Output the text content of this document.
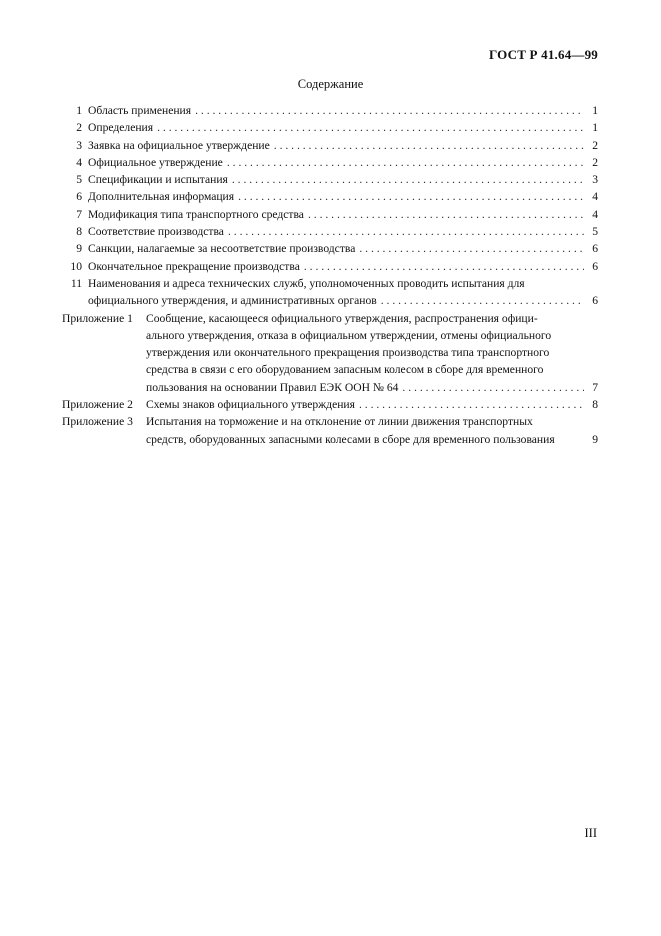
ГОСТ Р 41.64—99
Содержание
1 Область применения . . .	1
2 Определения . . .	1
3 Заявка на официальное утверждение . . .	2
4 Официальное утверждение . . .	2
5 Спецификации и испытания . . .	3
6 Дополнительная информация . . .	4
7 Модификация типа транспортного средства . . .	4
8 Соответствие производства . . .	5
9 Санкции, налагаемые за несоответствие производства . . .	6
10 Окончательное прекращение производства . . .	6
11 Наименования и адреса технических служб, уполномоченных проводить испытания для
официального утверждения, и административных органов . . .	6
Приложение 1	Сообщение, касающееся официального утверждения, распространения офици-
ального утверждения, отказа в официальном утверждении, отмены официального
утверждения или окончательного прекращения производства типа транспортного
средства в связи с его оборудованием запасным колесом в сборе для временного
пользования на основании Правил ЕЭК ООН № 64 . . .	7
Приложение 2	Схемы знаков официального утверждения . . .	8
Приложение 3	Испытания на торможение и на отклонение от линии движения транспортных
средств, оборудованных запасными колесами в сборе для временного пользования	9
III
